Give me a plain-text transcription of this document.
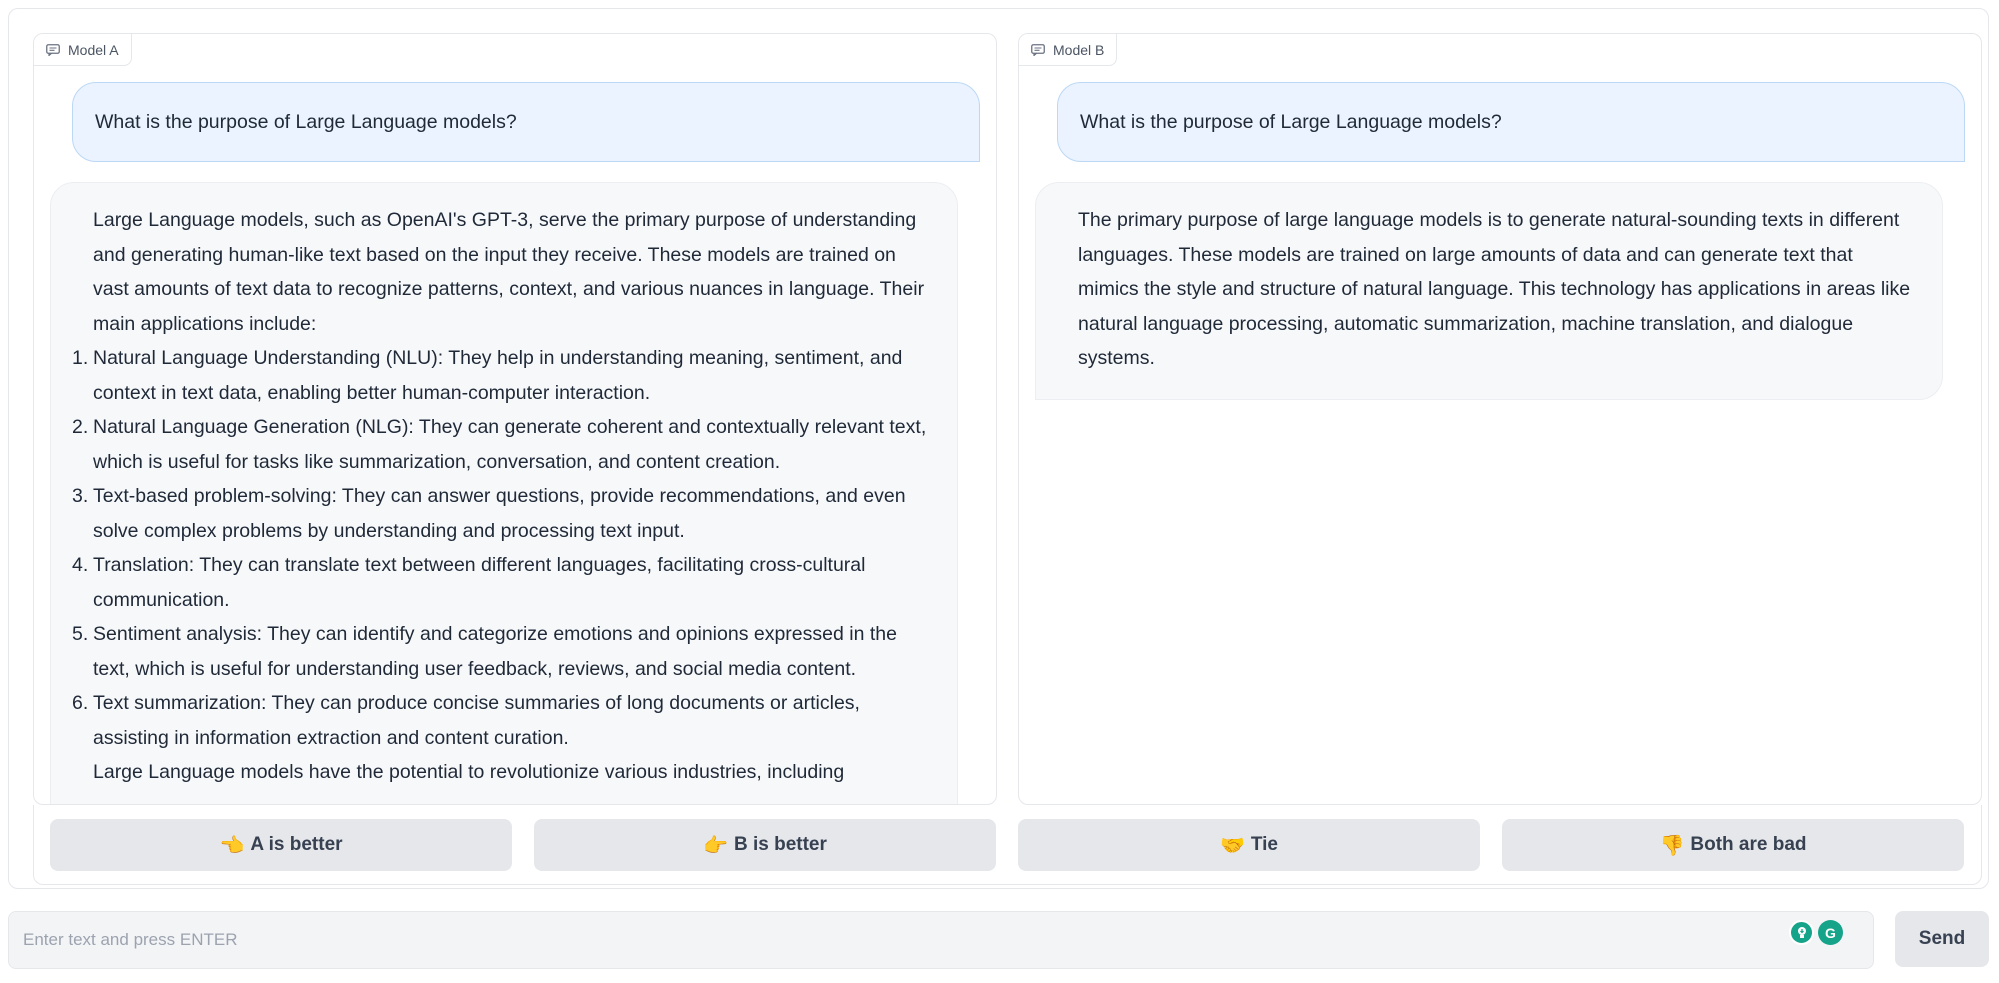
Model A
What is the purpose of Large Language models?
Large Language models, such as OpenAI's GPT-3, serve the primary purpose of understanding and generating human-like text based on the input they receive. These models are trained on vast amounts of text data to recognize patterns, context, and various nuances in language. Their main applications include:
1. Natural Language Understanding (NLU): They help in understanding meaning, sentiment, and context in text data, enabling better human-computer interaction.
2. Natural Language Generation (NLG): They can generate coherent and contextually relevant text, which is useful for tasks like summarization, conversation, and content creation.
3. Text-based problem-solving: They can answer questions, provide recommendations, and even solve complex problems by understanding and processing text input.
4. Translation: They can translate text between different languages, facilitating cross-cultural communication.
5. Sentiment analysis: They can identify and categorize emotions and opinions expressed in the text, which is useful for understanding user feedback, reviews, and social media content.
6. Text summarization: They can produce concise summaries of long documents or articles, assisting in information extraction and content curation.
Large Language models have the potential to revolutionize various industries, including
Model B
What is the purpose of Large Language models?
The primary purpose of large language models is to generate natural-sounding texts in different languages. These models are trained on large amounts of data and can generate text that mimics the style and structure of natural language. This technology has applications in areas like natural language processing, automatic summarization, machine translation, and dialogue systems.
👈 A is better	👉 B is better	🤝 Tie	👎 Both are bad
Enter text and press ENTER
G	Send
